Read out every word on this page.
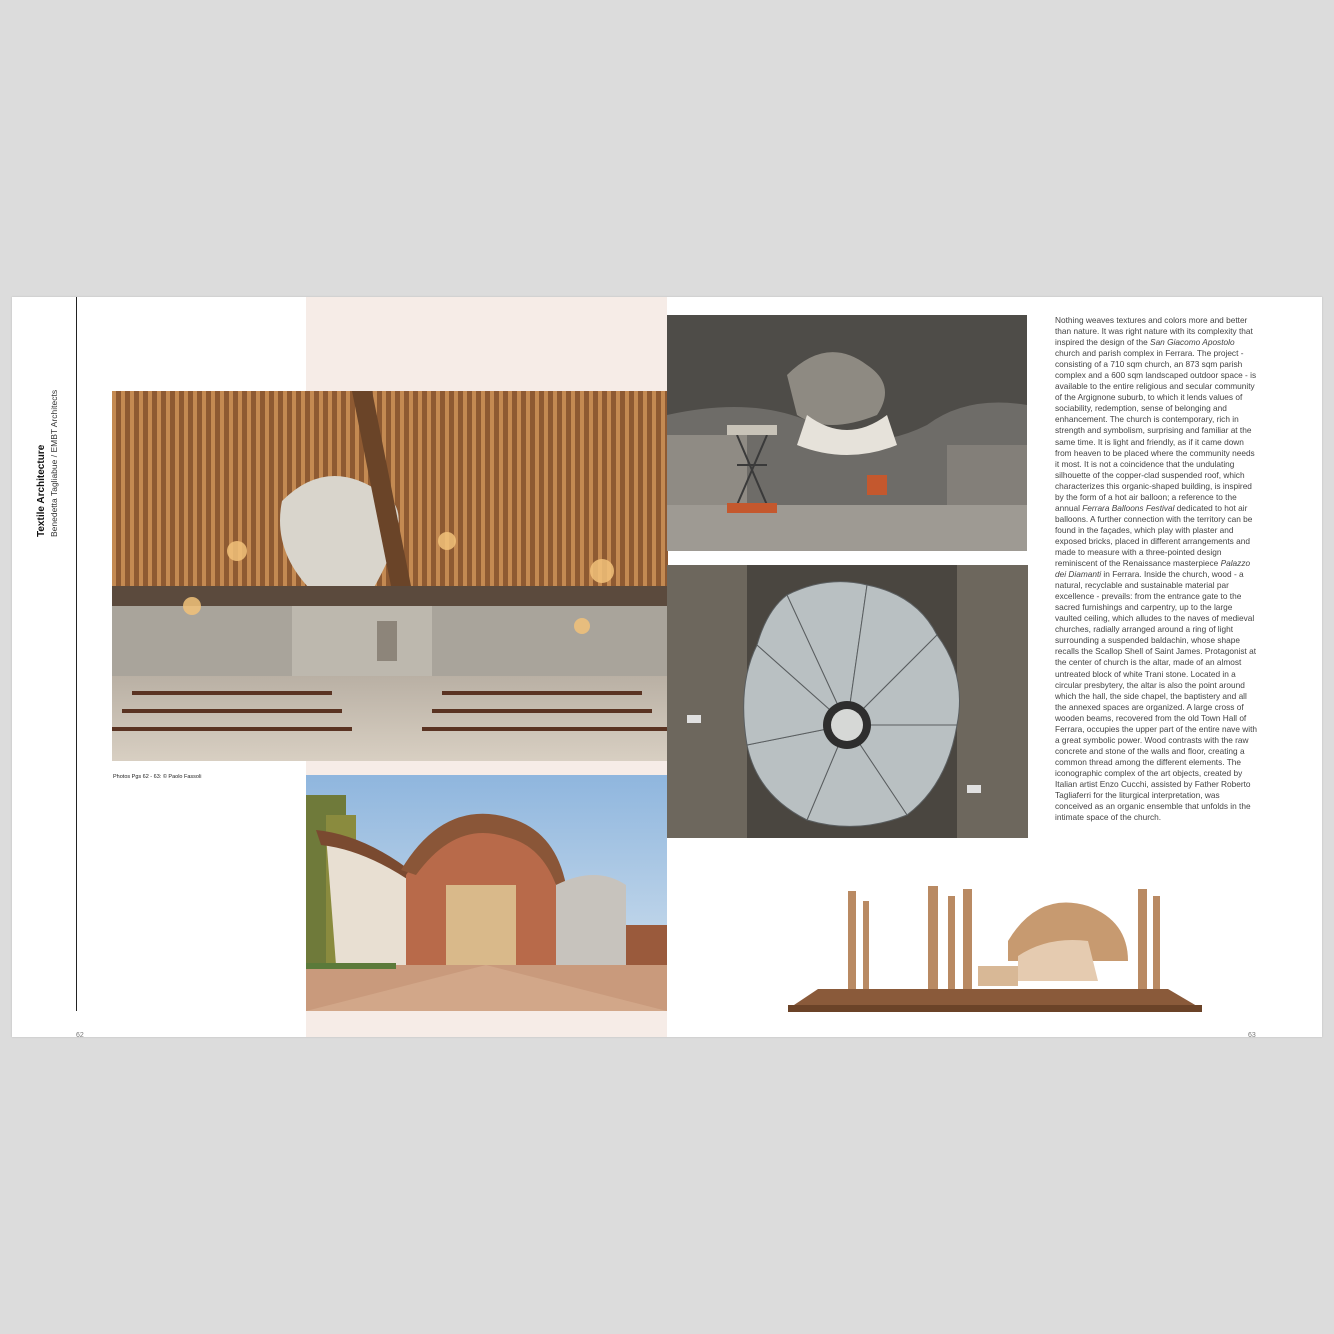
Textile Architecture Benedetta Tagliabue / EMBT Architects
Photos Pgs 62 - 63: © Paolo Fassoli

Nothing weaves textures and colors more and better than nature. It was right nature with its complexity that inspired the design of the San Giacomo Apostolo church and parish complex in Ferrara. The project - consisting of a 710 sqm church, an 873 sqm parish complex and a 600 sqm landscaped outdoor space - is available to the entire religious and secular community of the Argignone suburb, to which it lends values of sociability, redemption, sense of belonging and enhancement. The church is contemporary, rich in strength and symbolism, surprising and familiar at the same time. It is light and friendly, as if it came down from heaven to be placed where the community needs it most. It is not a coincidence that the undulating silhouette of the copper-clad suspended roof, which characterizes this organic-shaped building, is inspired by the form of a hot air balloon; a reference to the annual Ferrara Balloons Festival dedicated to hot air balloons. A further connection with the territory can be found in the façades, which play with plaster and exposed bricks, placed in different arrangements and made to measure with a three-pointed design reminiscent of the Renaissance masterpiece Palazzo dei Diamanti in Ferrara. Inside the church, wood - a natural, recyclable and sustainable material par excellence - prevails: from the entrance gate to the sacred furnishings and carpentry, up to the large vaulted ceiling, which alludes to the naves of medieval churches, radially arranged around a ring of light surrounding a suspended baldachin, whose shape recalls the Scallop Shell of Saint James. Protagonist at the center of church is the altar, made of an almost untreated block of white Trani stone. Located in a circular presbytery, the altar is also the point around which the hall, the side chapel, the baptistery and all the annexed spaces are organized. A large cross of wooden beams, recovered from the old Town Hall of Ferrara, occupies the upper part of the entire nave with a great symbolic power. Wood contrasts with the raw concrete and stone of the walls and floor, creating a common thread among the different elements. The iconographic complex of the art objects, created by Italian artist Enzo Cucchi, assisted by Father Roberto Tagliaferri for the liturgical interpretation, was conceived as an organic ensemble that unfolds in the intimate space of the church.

62	63
